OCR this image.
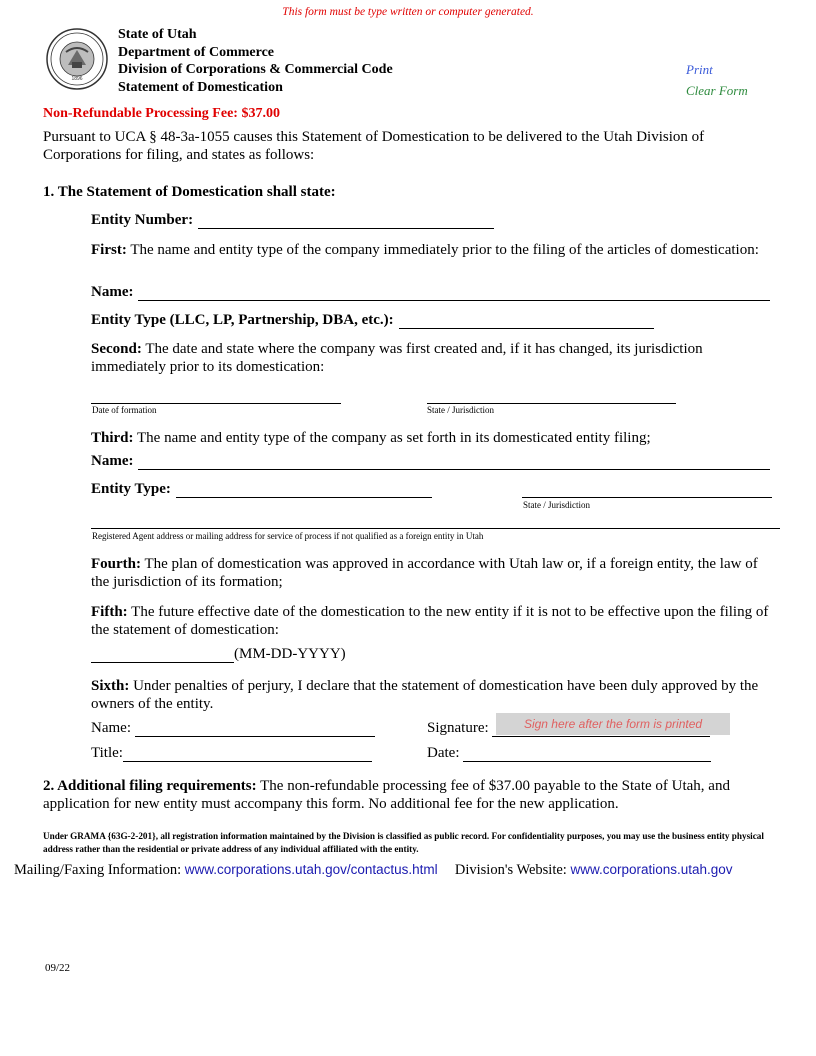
This form must be type written or computer generated.
1896
State of Utah
Department of Commerce
Division of Corporations & Commercial Code
Statement of Domestication
Print
Clear Form
Non-Refundable Processing Fee: $37.00
Pursuant to UCA § 48-3a-1055 causes this Statement of Domestication to be delivered to the Utah Division of Corporations for filing, and states as follows:
1. The Statement of Domestication shall state:
Entity Number:
First: The name and entity type of the company immediately prior to the filing of the articles of domestication:
Name:
Entity Type (LLC, LP, Partnership, DBA, etc.):
Second: The date and state where the company was first created and, if it has changed, its jurisdiction immediately prior to its domestication:
Date of formation	State / Jurisdiction
Third: The name and entity type of the company as set forth in its domesticated entity filing;
Name:
Entity Type:
State / Jurisdiction
Registered Agent address or mailing address for service of process if not qualified as a foreign entity in Utah
Fourth: The plan of domestication was approved in accordance with Utah law or, if a foreign entity, the law of the jurisdiction of its formation;
Fifth: The future effective date of the domestication to the new entity if it is not to be effective upon the filing of the statement of domestication:
(MM-DD-YYYY)
Sixth: Under penalties of perjury, I declare that the statement of domestication have been duly approved by the owners of the entity.
Name:	Signature:	Sign here after the form is printed
Title:	Date:
2. Additional filing requirements: The non-refundable processing fee of $37.00 payable to the State of Utah, and application for new entity must accompany this form. No additional fee for the new application.
Under GRAMA {63G-2-201}, all registration information maintained by the Division is classified as public record. For confidentiality purposes, you may use the business entity physical address rather than the residential or private address of any individual affiliated with the entity.
Mailing/Faxing Information: www.corporations.utah.gov/contactus.html Division's Website: www.corporations.utah.gov
09/22
